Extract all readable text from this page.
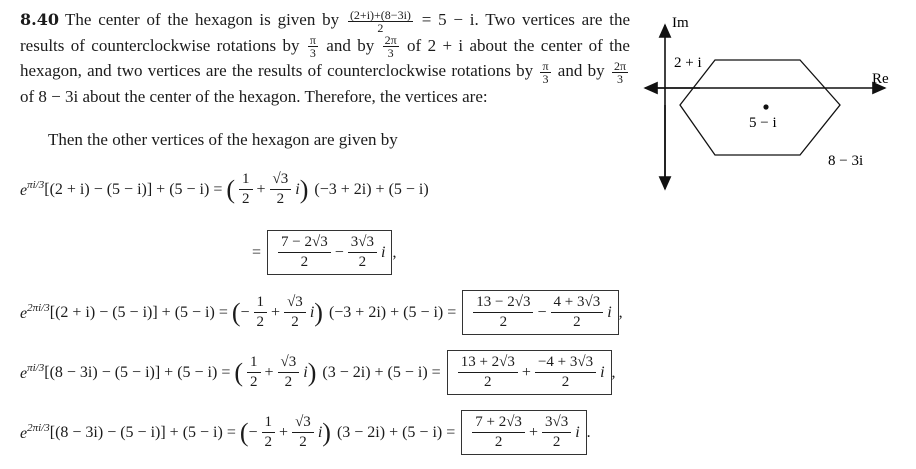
8.40 The center of the hexagon is given by $\frac{(2+i)+(8-3i)}{2} = 5 - i$. Two vertices are the results of counterclockwise rotations by $\frac{\pi}{3}$ and by $\frac{2\pi}{3}$ of 2 + i about the center of the hexagon, and two vertices are the results of counterclockwise rotations by $\frac{\pi}{3}$ and by $\frac{2\pi}{3}$
of 8 − 3i about the center of the hexagon. Therefore, the vertices are:
Then the other vertices of the hexagon are given by
Im
Re
2 + i
5 − i
8 − 3i
$e^{\pi i/3}$ [(2 + i) − (5 − i)] + (5 − i) = ( 1
2
+ $\frac{√3}{2}$ i ) (−3 + 2i) + (5 − i)
=
7 − 2√3
2
− $\frac{3√3}{2}$ i ,
$e^{2\pi i/3}$ [(2 + i) − (5 − i)] + (5 − i) = ( − $\frac{1}{2} + \frac{√3}{2}$ i ) (−3 + 2i) + (5 − i) =
13 − 2√3
2
− $\frac{4 + 3√3}{2}$ i ,
$e^{\pi i/3}$ [(8 − 3i) − (5 − i)] + (5 − i) = ( 1
2
+ $\frac{√3}{2}$ i ) (3 − 2i) + (5 − i) =
13 + 2√3
2
+ $\frac{-4 + 3√3}{2}$ i ,
$e^{2\pi i/3}$ [(8 − 3i) − (5 − i)] + (5 − i) = ( − $\frac{1}{2} + \frac{√3}{2}$ i ) (3 − 2i) + (5 − i) =
7 + 2√3
2
+ $\frac{3√3}{2}$ i .
